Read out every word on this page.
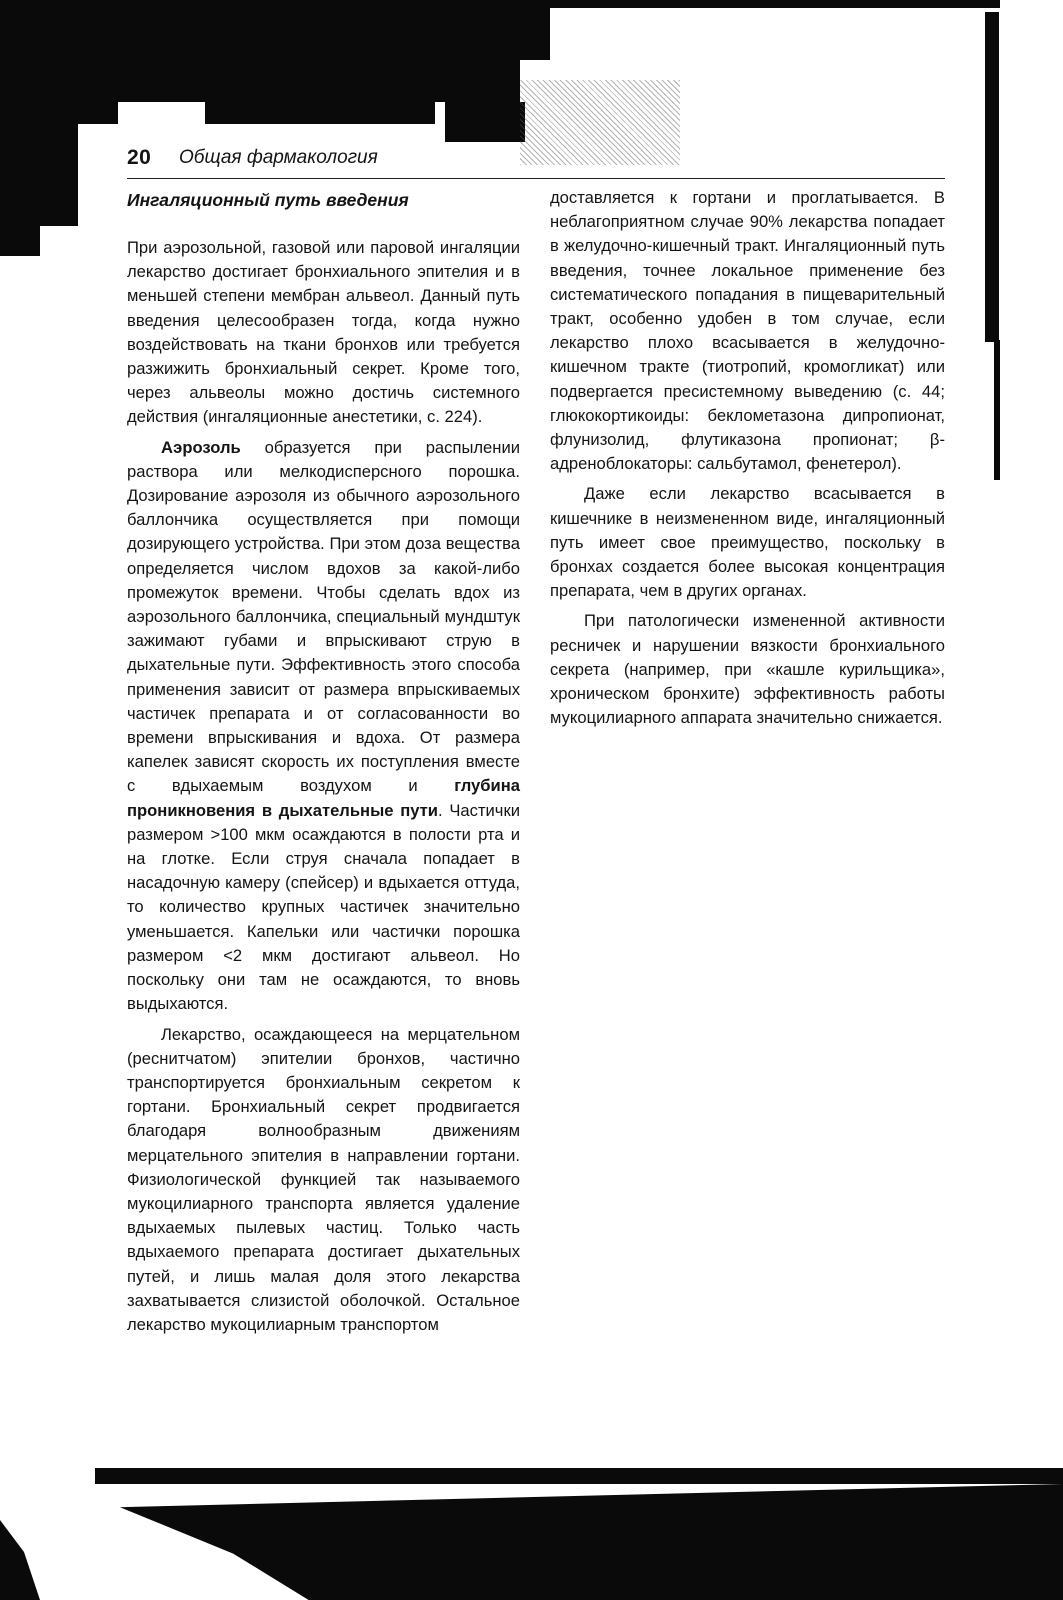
20 Общая фармакология
Ингаляционный путь введения

При аэрозольной, газовой или паровой ингаляции лекарство достигает бронхиального эпителия и в меньшей степени мембран альвеол. Данный путь введения целесообразен тогда, когда нужно воздействовать на ткани бронхов или требуется разжижить бронхиальный секрет. Кроме того, через альвеолы можно достичь системного действия (ингаляционные анестетики, с. 224).

Аэрозоль образуется при распылении раствора или мелкодисперсного порошка. Дозирование аэрозоля из обычного аэрозольного баллончика осуществляется при помощи дозирующего устройства. При этом доза вещества определяется числом вдохов за какой-либо промежуток времени. Чтобы сделать вдох из аэрозольного баллончика, специальный мундштук зажимают губами и впрыскивают струю в дыхательные пути. Эффективность этого способа применения зависит от размера впрыскиваемых частичек препарата и от согласованности во времени впрыскивания и вдоха. От размера капелек зависят скорость их поступления вместе с вдыхаемым воздухом и глубина проникновения в дыхательные пути. Частички размером >100 мкм осаждаются в полости рта и на глотке. Если струя сначала попадает в насадочную камеру (спейсер) и вдыхается оттуда, то количество крупных частичек значительно уменьшается. Капельки или частички порошка размером <2 мкм достигают альвеол. Но поскольку они там не осаждаются, то вновь выдыхаются.

Лекарство, осаждающееся на мерцательном (реснитчатом) эпителии бронхов, частично транспортируется бронхиальным секретом к гортани. Бронхиальный секрет продвигается благодаря волнообразным движениям мерцательного эпителия в направлении гортани. Физиологической функцией так называемого мукоцилиарного транспорта является удаление вдыхаемых пылевых частиц. Только часть вдыхаемого препарата достигает дыхательных путей, и лишь малая доля этого лекарства захватывается слизистой оболочкой. Остальное лекарство мукоцилиарным транспортом

доставляется к гортани и проглатывается. В неблагоприятном случае 90% лекарства попадает в желудочно-кишечный тракт. Ингаляционный путь введения, точнее локальное применение без систематического попадания в пищеварительный тракт, особенно удобен в том случае, если лекарство плохо всасывается в желудочно-кишечном тракте (тиотропий, кромогликат) или подвергается пресистемному выведению (с. 44; глюкокортикоиды: беклометазона дипропионат, флунизолид, флутиказона пропионат; β-адреноблокаторы: сальбутамол, фенетерол).

Даже если лекарство всасывается в кишечнике в неизмененном виде, ингаляционный путь имеет свое преимущество, поскольку в бронхах создается более высокая концентрация препарата, чем в других органах.

При патологически измененной активности ресничек и нарушении вязкости бронхиального секрета (например, при «кашле курильщика», хроническом бронхите) эффективность работы мукоцилиарного аппарата значительно снижается.
